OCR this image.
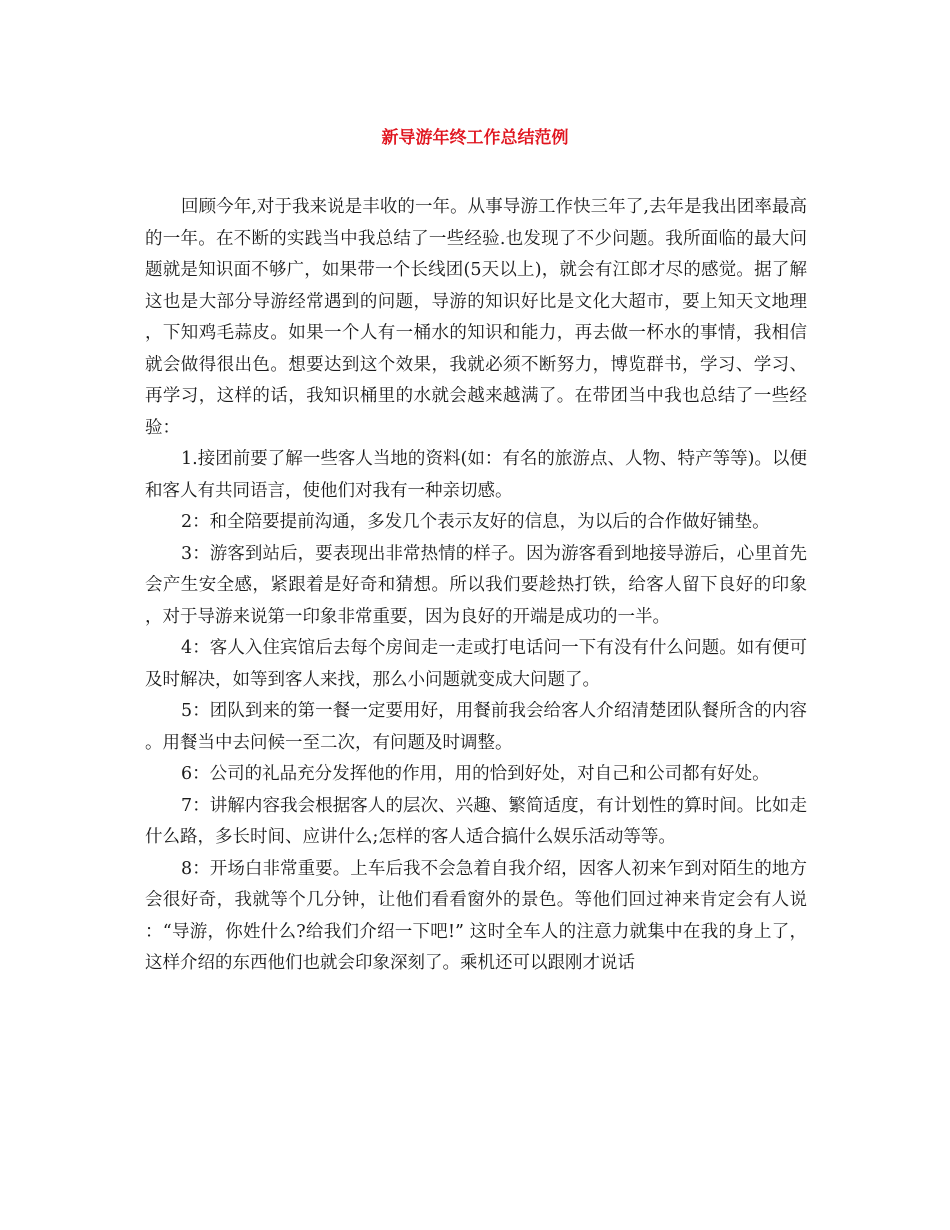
新导游年终工作总结范例

回顾今年,对于我来说是丰收的一年。从事导游工作快三年了,去年是我出团率最高的一年。在不断的实践当中我总结了一些经验.也发现了不少问题。我所面临的最大问题就是知识面不够广，如果带一个长线团(5天以上)，就会有江郎才尽的感觉。据了解这也是大部分导游经常遇到的问题，导游的知识好比是文化大超市，要上知天文地理，下知鸡毛蒜皮。如果一个人有一桶水的知识和能力，再去做一杯水的事情，我相信就会做得很出色。想要达到这个效果，我就必须不断努力，博览群书，学习、学习、再学习，这样的话，我知识桶里的水就会越来越满了。在带团当中我也总结了一些经验：

1.接团前要了解一些客人当地的资料(如：有名的旅游点、人物、特产等等)。以便和客人有共同语言，使他们对我有一种亲切感。

2：和全陪要提前沟通，多发几个表示友好的信息，为以后的合作做好铺垫。

3：游客到站后，要表现出非常热情的样子。因为游客看到地接导游后，心里首先会产生安全感，紧跟着是好奇和猜想。所以我们要趁热打铁，给客人留下良好的印象，对于导游来说第一印象非常重要，因为良好的开端是成功的一半。

4：客人入住宾馆后去每个房间走一走或打电话问一下有没有什么问题。如有便可及时解决，如等到客人来找，那么小问题就变成大问题了。

5：团队到来的第一餐一定要用好，用餐前我会给客人介绍清楚团队餐所含的内容。用餐当中去问候一至二次，有问题及时调整。

6：公司的礼品充分发挥他的作用，用的恰到好处，对自己和公司都有好处。

7：讲解内容我会根据客人的层次、兴趣、繁简适度，有计划性的算时间。比如走什么路，多长时间、应讲什么;怎样的客人适合搞什么娱乐活动等等。

8：开场白非常重要。上车后我不会急着自我介绍，因客人初来乍到对陌生的地方会很好奇，我就等个几分钟，让他们看看窗外的景色。等他们回过神来肯定会有人说：“导游，你姓什么?给我们介绍一下吧!” 这时全车人的注意力就集中在我的身上了，这样介绍的东西他们也就会印象深刻了。乘机还可以跟刚才说话
